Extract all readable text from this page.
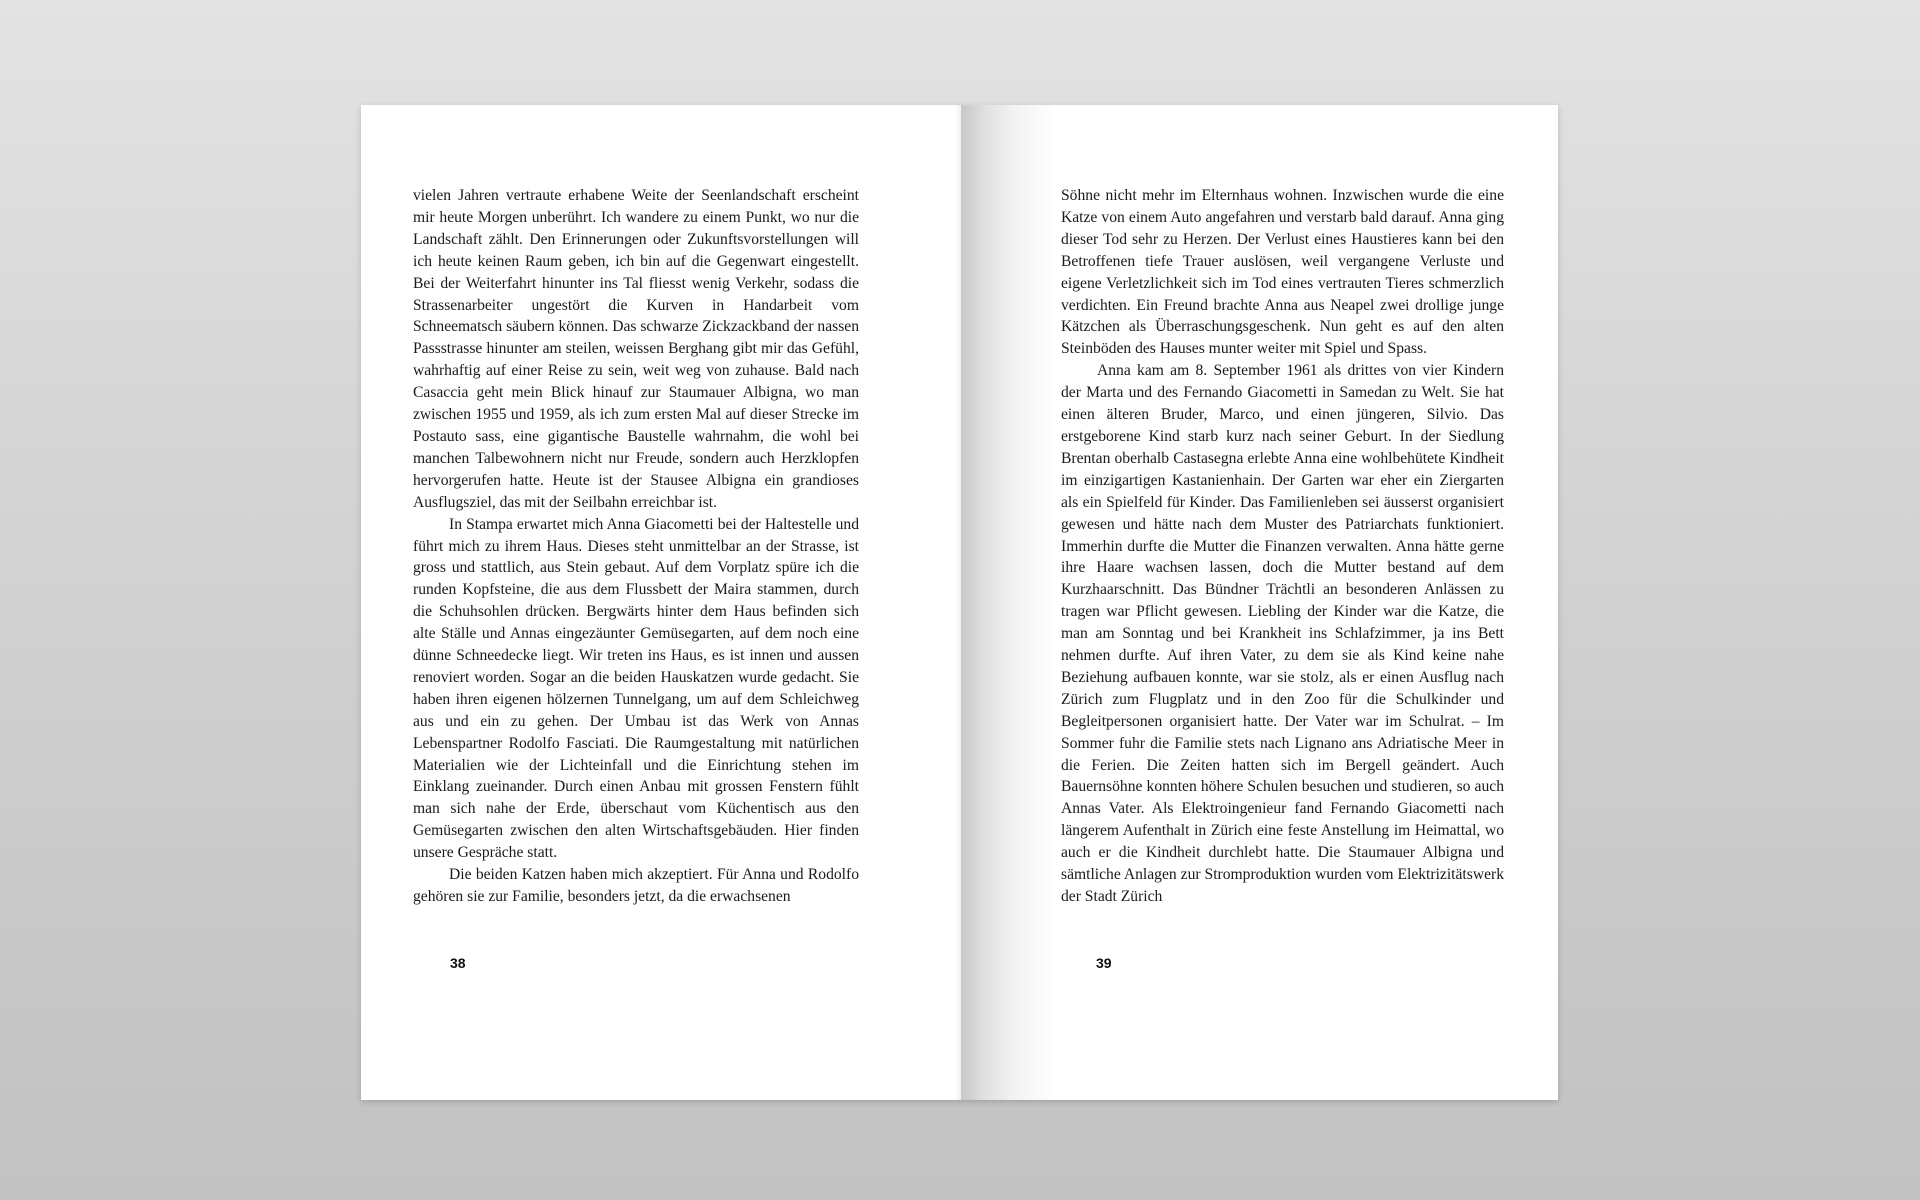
vielen Jahren vertraute erhabene Weite der Seenlandschaft erscheint mir heute Morgen unberührt. Ich wandere zu einem Punkt, wo nur die Landschaft zählt. Den Erinnerungen oder Zukunftsvorstellungen will ich heute keinen Raum geben, ich bin auf die Gegenwart eingestellt. Bei der Weiterfahrt hinunter ins Tal fliesst wenig Verkehr, sodass die Strassenarbeiter ungestört die Kurven in Handarbeit vom Schneematsch säubern können. Das schwarze Zickzackband der nassen Passstrasse hinunter am steilen, weissen Berghang gibt mir das Gefühl, wahrhaftig auf einer Reise zu sein, weit weg von zuhause. Bald nach Casaccia geht mein Blick hinauf zur Staumauer Albigna, wo man zwischen 1955 und 1959, als ich zum ersten Mal auf dieser Strecke im Postauto sass, eine gigantische Baustelle wahrnahm, die wohl bei manchen Talbewohnern nicht nur Freude, sondern auch Herzklopfen hervorgerufen hatte. Heute ist der Stausee Albigna ein grandioses Ausflugsziel, das mit der Seilbahn erreichbar ist.

In Stampa erwartet mich Anna Giacometti bei der Haltestelle und führt mich zu ihrem Haus. Dieses steht unmittelbar an der Strasse, ist gross und stattlich, aus Stein gebaut. Auf dem Vorplatz spüre ich die runden Kopfsteine, die aus dem Flussbett der Maira stammen, durch die Schuhsohlen drücken. Bergwärts hinter dem Haus befinden sich alte Ställe und Annas eingezäunter Gemüsegarten, auf dem noch eine dünne Schneedecke liegt. Wir treten ins Haus, es ist innen und aussen renoviert worden. Sogar an die beiden Hauskatzen wurde gedacht. Sie haben ihren eigenen hölzernen Tunnelgang, um auf dem Schleichweg aus und ein zu gehen. Der Umbau ist das Werk von Annas Lebenspartner Rodolfo Fasciati. Die Raumgestaltung mit natürlichen Materialien wie der Lichteinfall und die Einrichtung stehen im Einklang zueinander. Durch einen Anbau mit grossen Fenstern fühlt man sich nahe der Erde, überschaut vom Küchentisch aus den Gemüsegarten zwischen den alten Wirtschaftsgebäuden. Hier finden unsere Gespräche statt.

Die beiden Katzen haben mich akzeptiert. Für Anna und Rodolfo gehören sie zur Familie, besonders jetzt, da die erwachsenen

38

Söhne nicht mehr im Elternhaus wohnen. Inzwischen wurde die eine Katze von einem Auto angefahren und verstarb bald darauf. Anna ging dieser Tod sehr zu Herzen. Der Verlust eines Haustieres kann bei den Betroffenen tiefe Trauer auslösen, weil vergangene Verluste und eigene Verletzlichkeit sich im Tod eines vertrauten Tieres schmerzlich verdichten. Ein Freund brachte Anna aus Neapel zwei drollige junge Kätzchen als Überraschungsgeschenk. Nun geht es auf den alten Steinböden des Hauses munter weiter mit Spiel und Spass.

Anna kam am 8. September 1961 als drittes von vier Kindern der Marta und des Fernando Giacometti in Samedan zu Welt. Sie hat einen älteren Bruder, Marco, und einen jüngeren, Silvio. Das erstgeborene Kind starb kurz nach seiner Geburt. In der Siedlung Brentan oberhalb Castasegna erlebte Anna eine wohlbehütete Kindheit im einzigartigen Kastanienhain. Der Garten war eher ein Ziergarten als ein Spielfeld für Kinder. Das Familienleben sei äusserst organisiert gewesen und hätte nach dem Muster des Patriarchats funktioniert. Immerhin durfte die Mutter die Finanzen verwalten. Anna hätte gerne ihre Haare wachsen lassen, doch die Mutter bestand auf dem Kurzhaarschnitt. Das Bündner Trächtli an besonderen Anlässen zu tragen war Pflicht gewesen. Liebling der Kinder war die Katze, die man am Sonntag und bei Krankheit ins Schlafzimmer, ja ins Bett nehmen durfte. Auf ihren Vater, zu dem sie als Kind keine nahe Beziehung aufbauen konnte, war sie stolz, als er einen Ausflug nach Zürich zum Flugplatz und in den Zoo für die Schulkinder und Begleitpersonen organisiert hatte. Der Vater war im Schulrat. – Im Sommer fuhr die Familie stets nach Lignano ans Adriatische Meer in die Ferien. Die Zeiten hatten sich im Bergell geändert. Auch Bauernsöhne konnten höhere Schulen besuchen und studieren, so auch Annas Vater. Als Elektroingenieur fand Fernando Giacometti nach längerem Aufenthalt in Zürich eine feste Anstellung im Heimattal, wo auch er die Kindheit durchlebt hatte. Die Staumauer Albigna und sämtliche Anlagen zur Stromproduktion wurden vom Elektrizitätswerk der Stadt Zürich

39
